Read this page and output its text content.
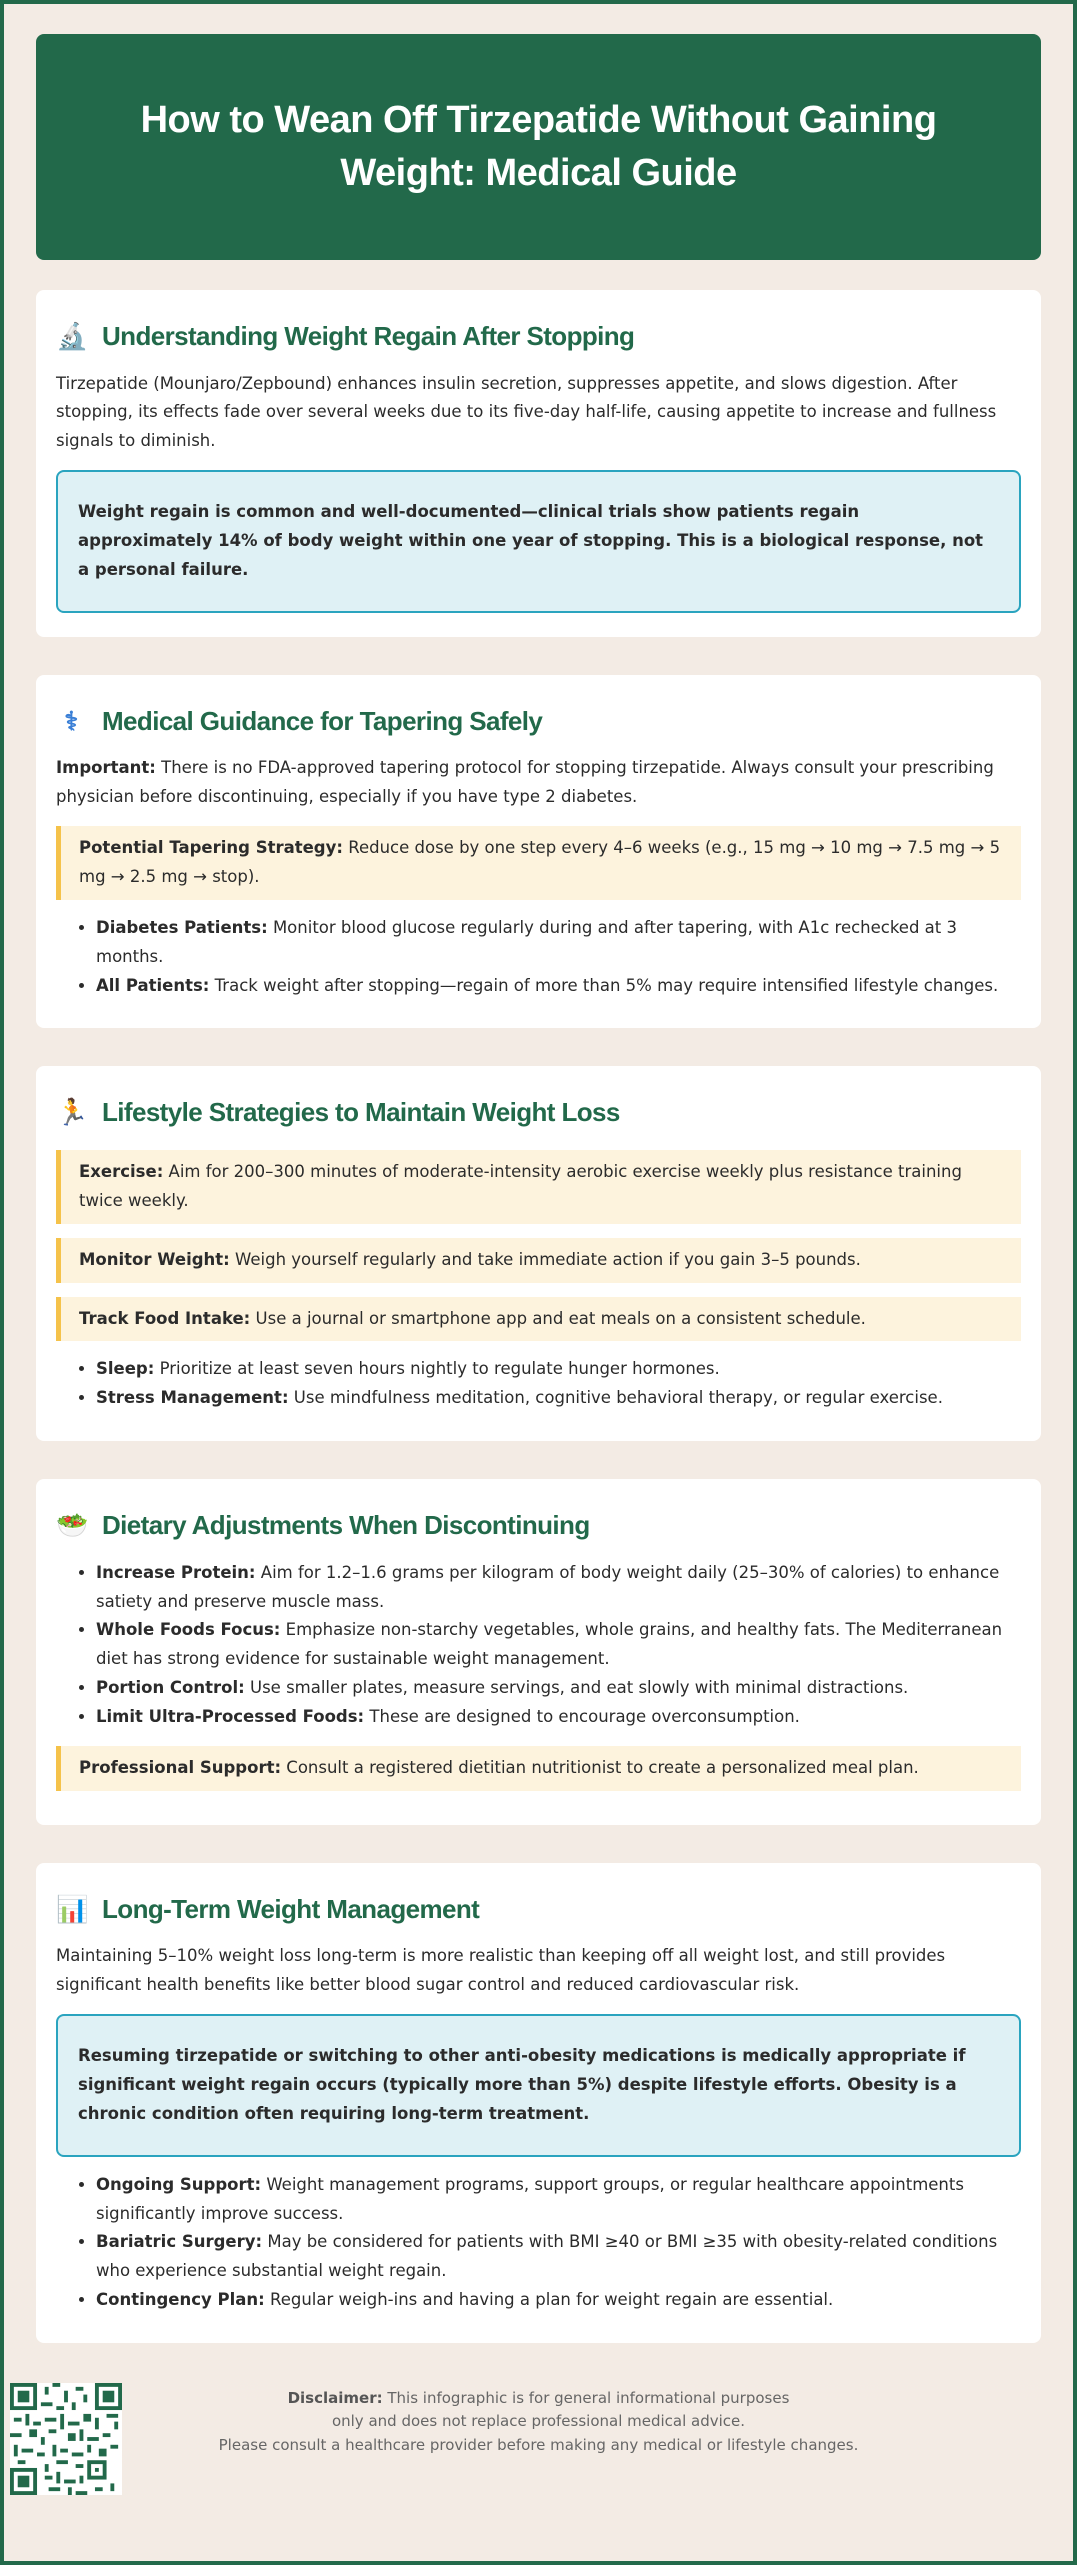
How to Wean Off Tirzepatide Without Gaining Weight: Medical Guide
🔬 Understanding Weight Regain After Stopping

Tirzepatide (Mounjaro/Zepbound) enhances insulin secretion, suppresses appetite, and slows digestion. After stopping, its effects fade over several weeks due to its five-day half-life, causing appetite to increase and fullness signals to diminish.

Weight regain is common and well-documented—clinical trials show patients regain approximately 14% of body weight within one year of stopping. This is a biological response, not a personal failure.
⚕ Medical Guidance for Tapering Safely

Important: There is no FDA-approved tapering protocol for stopping tirzepatide. Always consult your prescribing physician before discontinuing, especially if you have type 2 diabetes.

Potential Tapering Strategy: Reduce dose by one step every 4–6 weeks (e.g., 15 mg → 10 mg → 7.5 mg → 5 mg → 2.5 mg → stop).
• Diabetes Patients: Monitor blood glucose regularly during and after tapering, with A1c rechecked at 3 months.
• All Patients: Track weight after stopping—regain of more than 5% may require intensified lifestyle changes.
🏃 Lifestyle Strategies to Maintain Weight Loss
Exercise: Aim for 200–300 minutes of moderate-intensity aerobic exercise weekly plus resistance training twice weekly.
Monitor Weight: Weigh yourself regularly and take immediate action if you gain 3–5 pounds.
Track Food Intake: Use a journal or smartphone app and eat meals on a consistent schedule.
• Sleep: Prioritize at least seven hours nightly to regulate hunger hormones.
• Stress Management: Use mindfulness meditation, cognitive behavioral therapy, or regular exercise.
🥗 Dietary Adjustments When Discontinuing
• Increase Protein: Aim for 1.2–1.6 grams per kilogram of body weight daily (25–30% of calories) to enhance satiety and preserve muscle mass.
• Whole Foods Focus: Emphasize non-starchy vegetables, whole grains, and healthy fats. The Mediterranean diet has strong evidence for sustainable weight management.
• Portion Control: Use smaller plates, measure servings, and eat slowly with minimal distractions.
• Limit Ultra-Processed Foods: These are designed to encourage overconsumption.
Professional Support: Consult a registered dietitian nutritionist to create a personalized meal plan.
📊 Long-Term Weight Management

Maintaining 5–10% weight loss long-term is more realistic than keeping off all weight lost, and still provides significant health benefits like better blood sugar control and reduced cardiovascular risk.

Resuming tirzepatide or switching to other anti-obesity medications is medically appropriate if significant weight regain occurs (typically more than 5%) despite lifestyle efforts. Obesity is a chronic condition often requiring long-term treatment.
• Ongoing Support: Weight management programs, support groups, or regular healthcare appointments significantly improve success.
• Bariatric Surgery: May be considered for patients with BMI ≥40 or BMI ≥35 with obesity-related conditions who experience substantial weight regain.
• Contingency Plan: Regular weigh-ins and having a plan for weight regain are essential.
Disclaimer: This infographic is for general informational purposes
only and does not replace professional medical advice.
Please consult a healthcare provider before making any medical or lifestyle changes.
